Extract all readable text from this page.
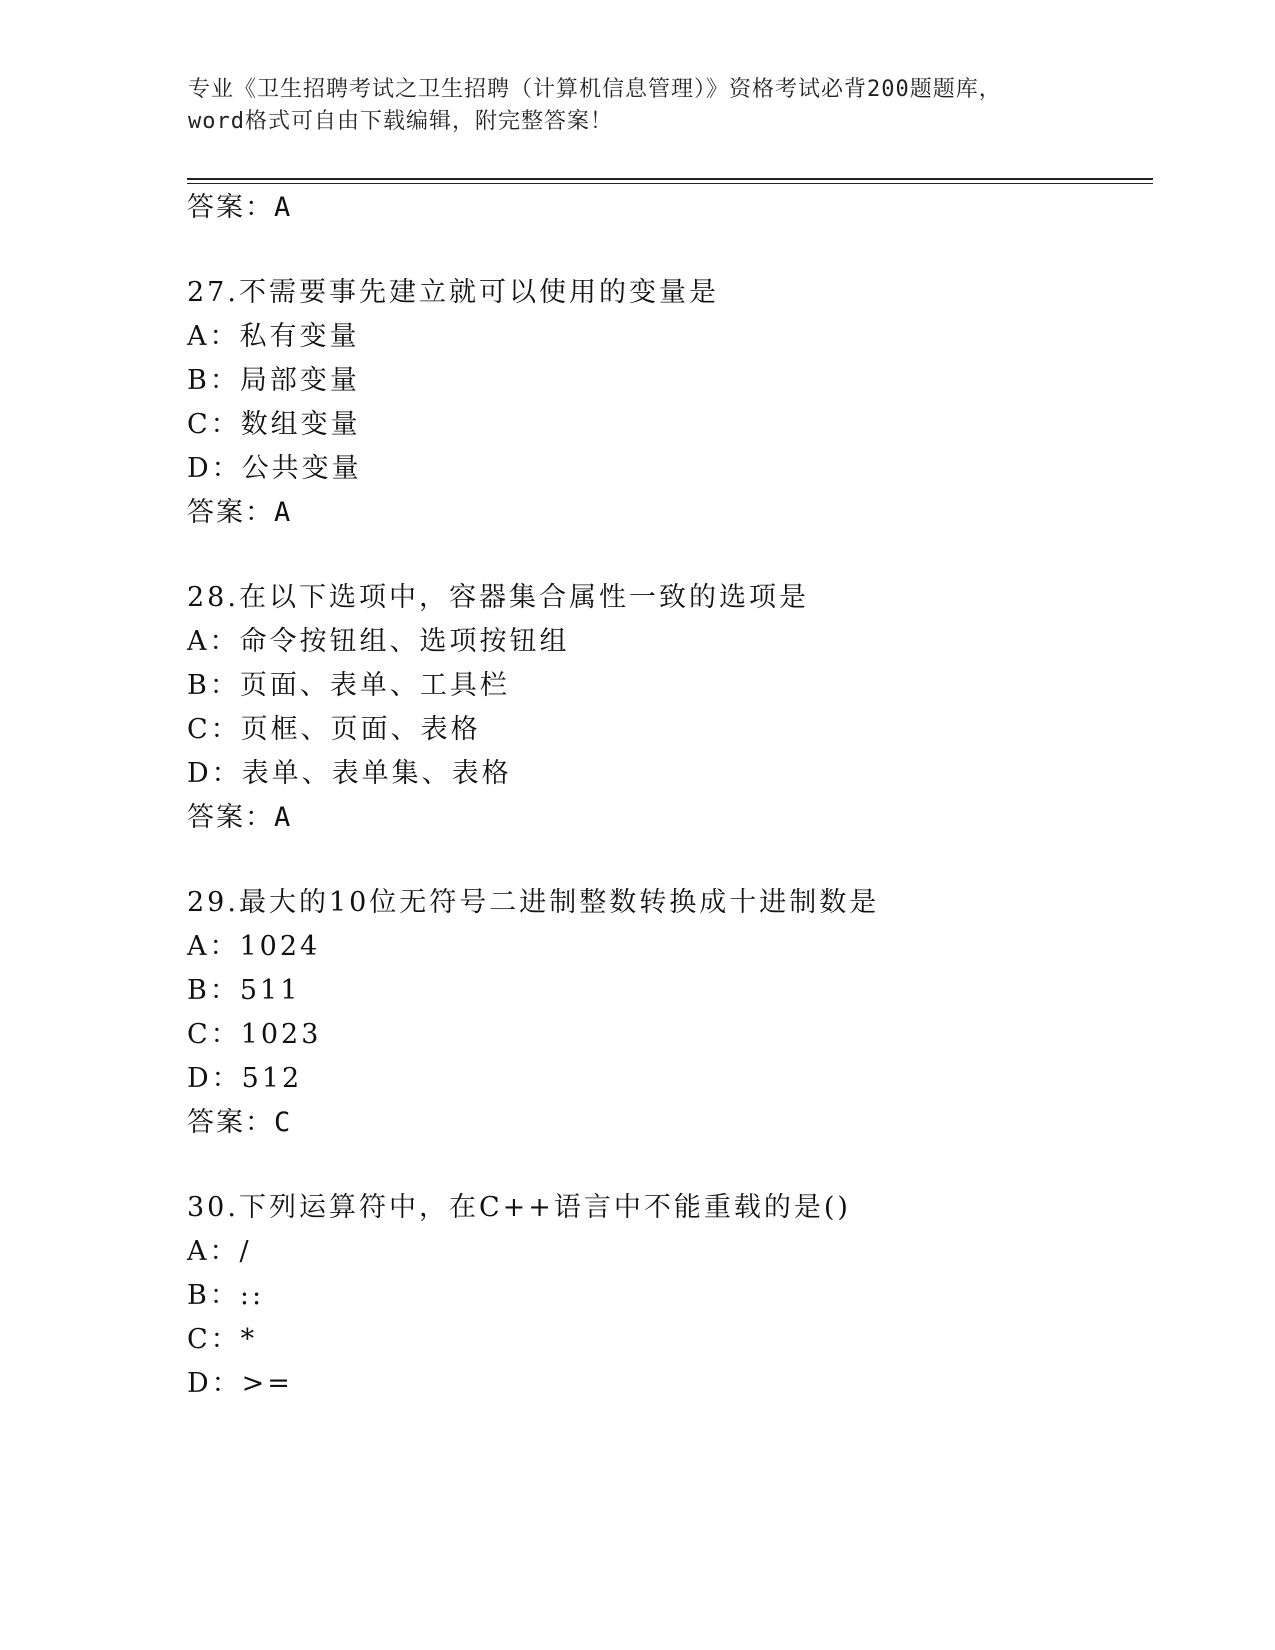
专业《卫生招聘考试之卫生招聘（计算机信息管理）》资格考试必背200题题库，
word格式可自由下载编辑，附完整答案！
答案：A
27.不需要事先建立就可以使用的变量是
A：私有变量
B：局部变量
C：数组变量
D：公共变量
答案：A
28.在以下选项中，容器集合属性一致的选项是
A：命令按钮组、选项按钮组
B：页面、表单、工具栏
C：页框、页面、表格
D：表单、表单集、表格
答案：A
29.最大的10位无符号二进制整数转换成十进制数是
A：1024
B：511
C：1023
D：512
答案：C
30.下列运算符中，在C++语言中不能重载的是()
A：/
B：::
C：*
D：>=
